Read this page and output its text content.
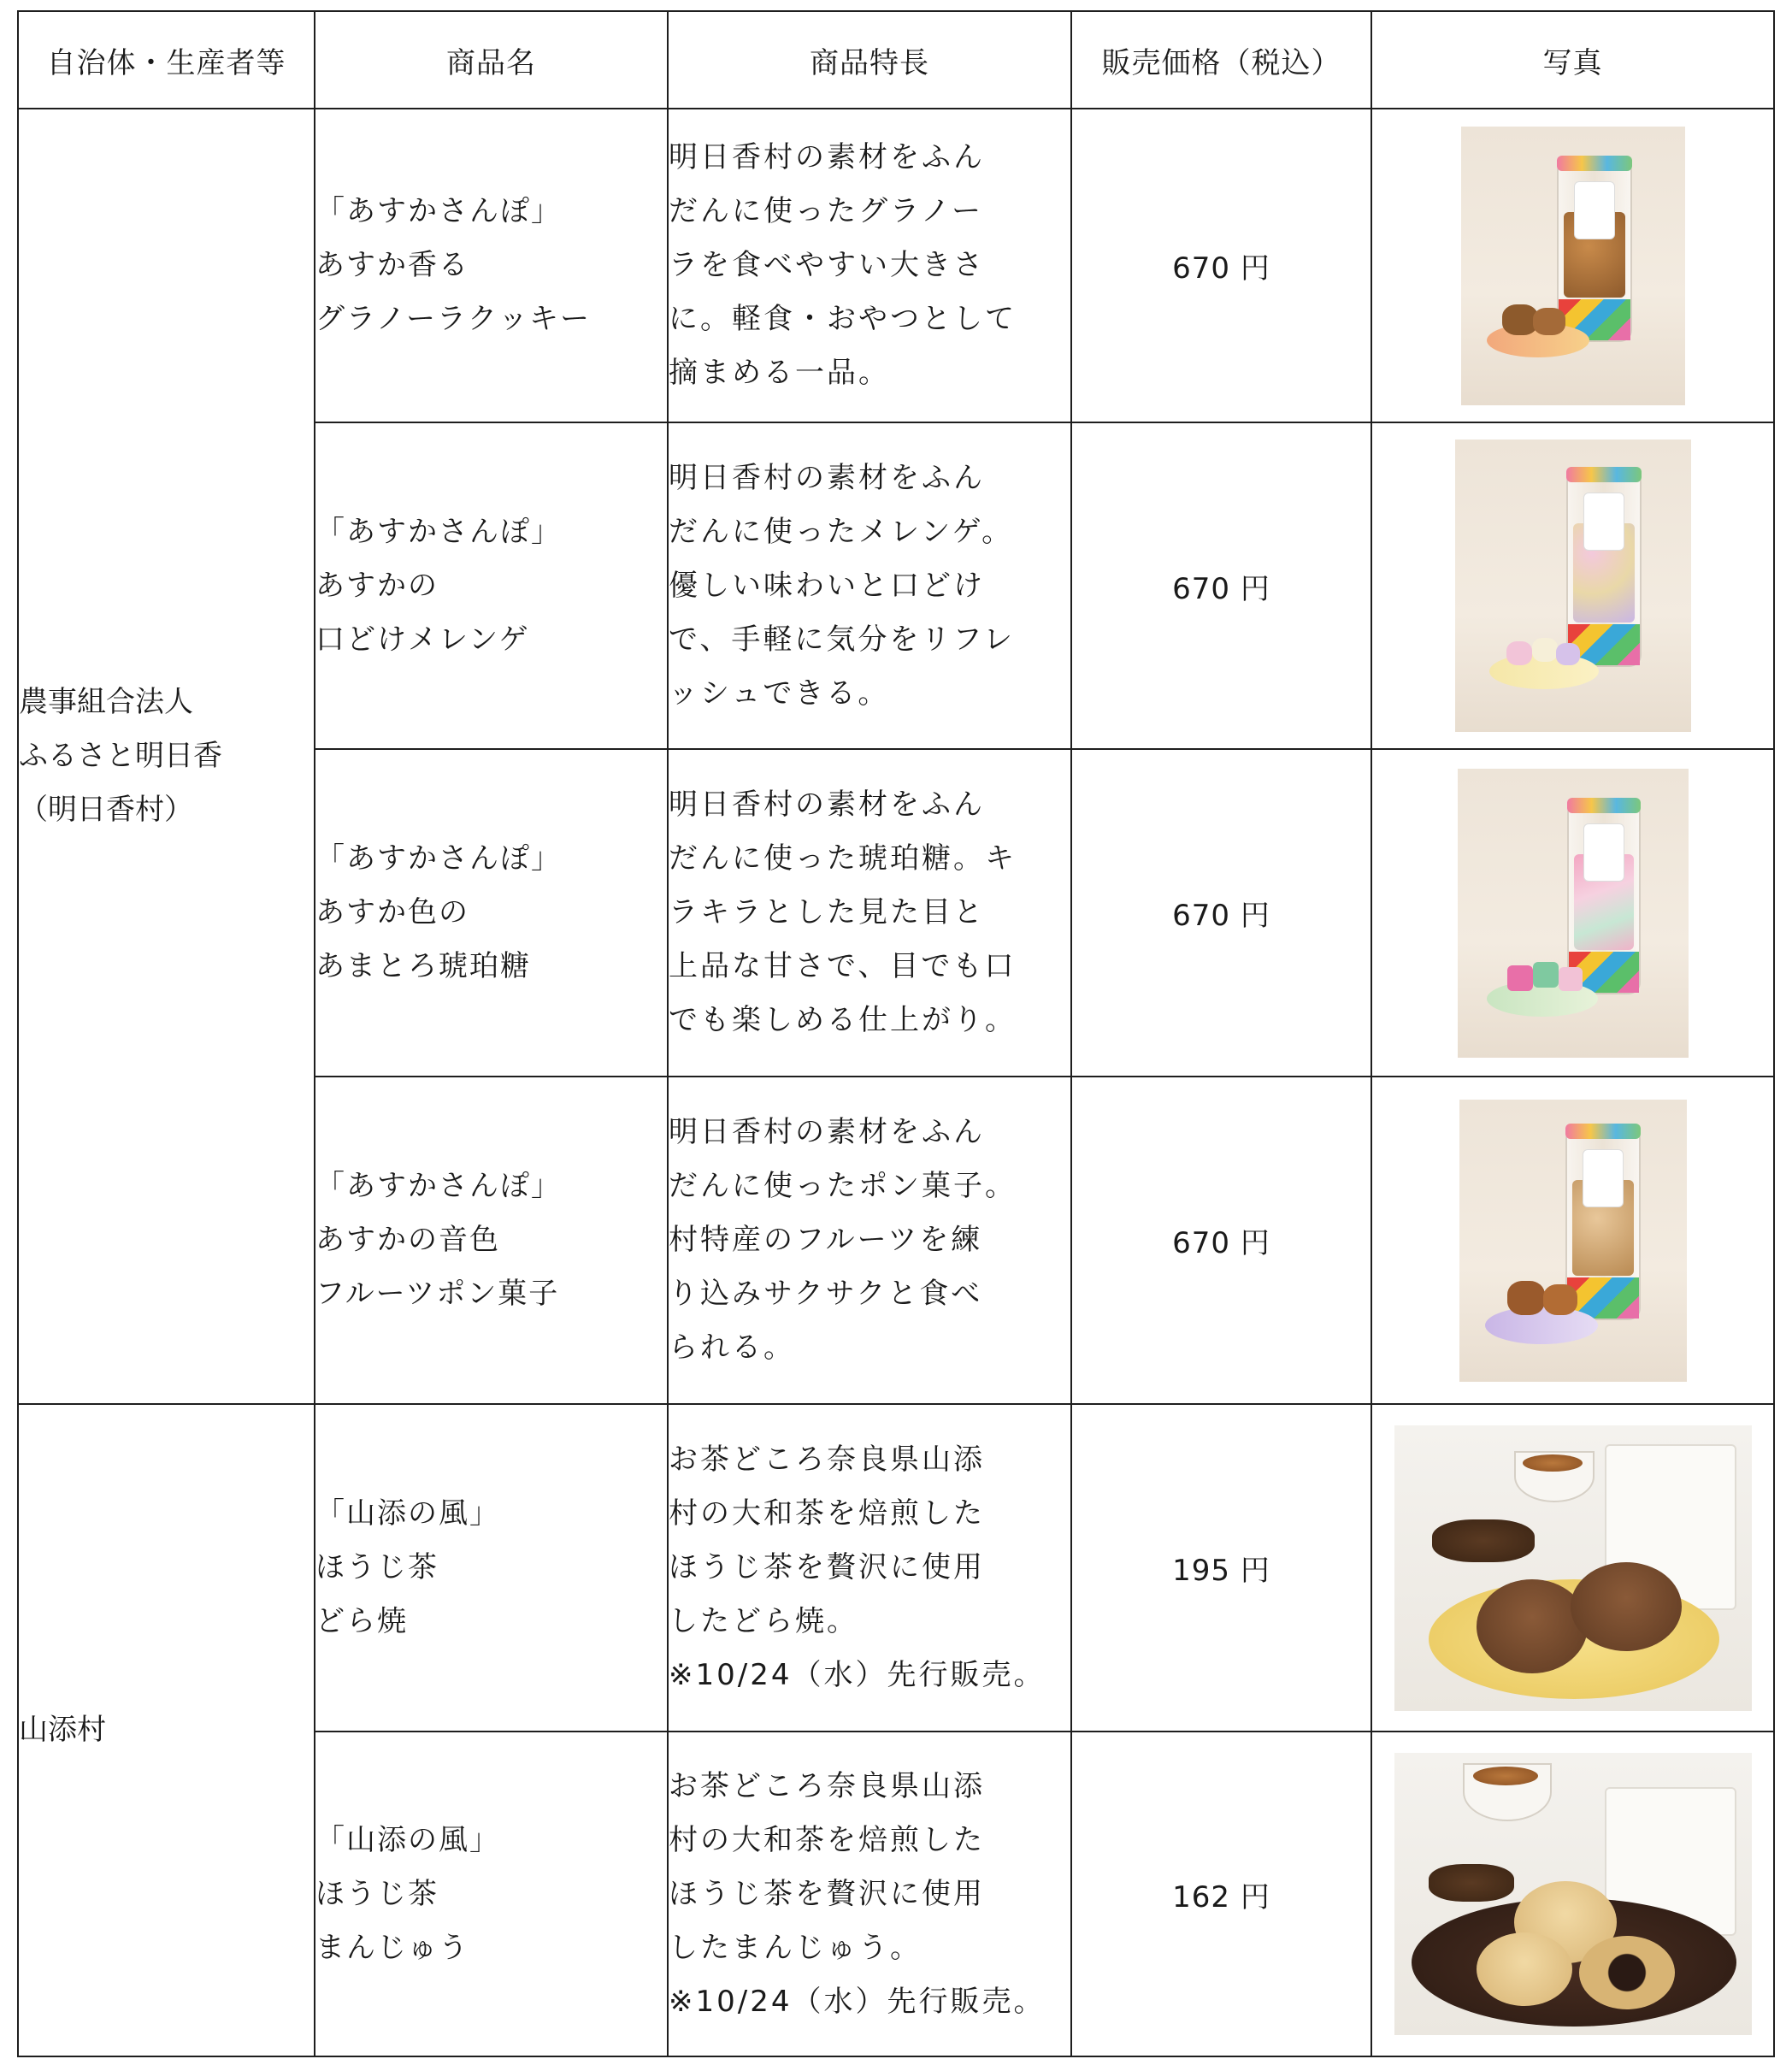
自治体・生産者等	商品名	商品特長	販売価格（税込）	写真

農事組合法人
ふるさと明日香
（明日香村）	「あすかさんぽ」
あすか香る
グラノーラクッキー	明日香村の素材をふん
だんに使ったグラノー
ラを食べやすい大きさ
に。軽食・おやつとして
摘まめる一品。	670 円	

	「あすかさんぽ」
あすかの
口どけメレンゲ	明日香村の素材をふん
だんに使ったメレンゲ。
優しい味わいと口どけ
で、手軽に気分をリフレ
ッシュできる。	670 円	

	「あすかさんぽ」
あすか色の
あまとろ琥珀糖	明日香村の素材をふん
だんに使った琥珀糖。キ
ラキラとした見た目と
上品な甘さで、目でも口
でも楽しめる仕上がり。	670 円	

	「あすかさんぽ」
あすかの音色
フルーツポン菓子	明日香村の素材をふん
だんに使ったポン菓子。
村特産のフルーツを練
り込みサクサクと食べ
られる。	670 円	

山添村	「山添の風」
ほうじ茶
どら焼	お茶どころ奈良県山添
村の大和茶を焙煎した
ほうじ茶を贅沢に使用
したどら焼。
※10/24（水）先行販売。	195 円	

	「山添の風」
ほうじ茶
まんじゅう	お茶どころ奈良県山添
村の大和茶を焙煎した
ほうじ茶を贅沢に使用
したまんじゅう。
※10/24（水）先行販売。	162 円	
